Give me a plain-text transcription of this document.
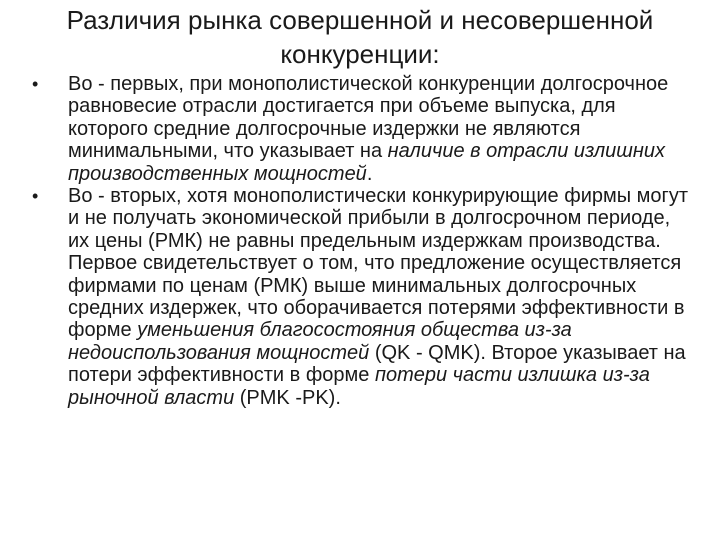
Различия рынка совершенной и несовершенной
конкуренции:
•	Во - первых, при монополистической конкуренции долгосрочное равновесие отрасли достигается при объеме выпуска, для которого средние долгосрочные издержки не являются минимальными, что указывает на наличие в отрасли излишних производственных мощностей.
•	Во - вторых, хотя монополистически конкурирующие фирмы могут и не получать экономической прибыли в долгосрочном периоде, их цены (РМК) не равны предельным издержкам производства. Первое свидетельствует о том, что предложение осуществляется фирмами по ценам (РМК) выше минимальных долгосрочных средних издержек, что оборачивается потерями эффективности в форме уменьшения благосостояния общества из-за недоиспользования мощностей (QK - QMK). Второе указывает на потери эффективности в форме потери части излишка из-за рыночной власти (PMK -PK).
